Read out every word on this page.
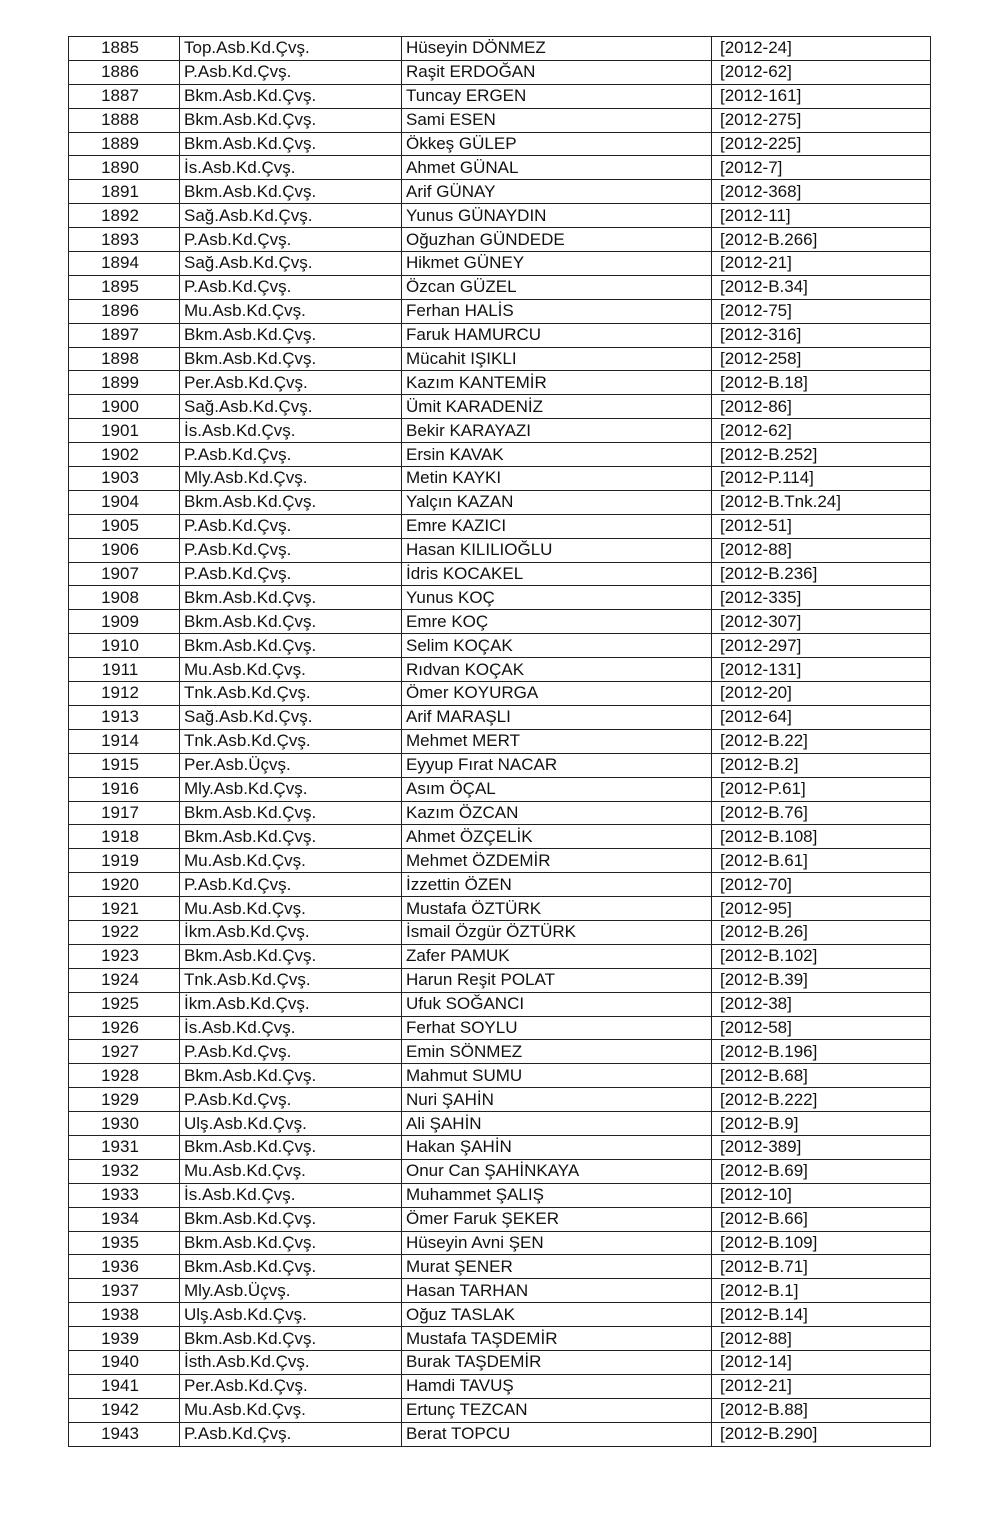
1885	Top.Asb.Kd.Çvş.	Hüseyin DÖNMEZ	[2012-24]
1886	P.Asb.Kd.Çvş.	Raşit ERDOĞAN	[2012-62]
1887	Bkm.Asb.Kd.Çvş.	Tuncay ERGEN	[2012-161]
1888	Bkm.Asb.Kd.Çvş.	Sami ESEN	[2012-275]
1889	Bkm.Asb.Kd.Çvş.	Ökkeş GÜLEP	[2012-225]
1890	İs.Asb.Kd.Çvş.	Ahmet GÜNAL	[2012-7]
1891	Bkm.Asb.Kd.Çvş.	Arif GÜNAY	[2012-368]
1892	Sağ.Asb.Kd.Çvş.	Yunus GÜNAYDIN	[2012-11]
1893	P.Asb.Kd.Çvş.	Oğuzhan GÜNDEDE	[2012-B.266]
1894	Sağ.Asb.Kd.Çvş.	Hikmet GÜNEY	[2012-21]
1895	P.Asb.Kd.Çvş.	Özcan GÜZEL	[2012-B.34]
1896	Mu.Asb.Kd.Çvş.	Ferhan HALİS	[2012-75]
1897	Bkm.Asb.Kd.Çvş.	Faruk HAMURCU	[2012-316]
1898	Bkm.Asb.Kd.Çvş.	Mücahit IŞIKLI	[2012-258]
1899	Per.Asb.Kd.Çvş.	Kazım KANTEMİR	[2012-B.18]
1900	Sağ.Asb.Kd.Çvş.	Ümit KARADENİZ	[2012-86]
1901	İs.Asb.Kd.Çvş.	Bekir KARAYAZI	[2012-62]
1902	P.Asb.Kd.Çvş.	Ersin KAVAK	[2012-B.252]
1903	Mly.Asb.Kd.Çvş.	Metin KAYKI	[2012-P.114]
1904	Bkm.Asb.Kd.Çvş.	Yalçın KAZAN	[2012-B.Tnk.24]
1905	P.Asb.Kd.Çvş.	Emre KAZICI	[2012-51]
1906	P.Asb.Kd.Çvş.	Hasan KILILIOĞLU	[2012-88]
1907	P.Asb.Kd.Çvş.	İdris KOCAKEL	[2012-B.236]
1908	Bkm.Asb.Kd.Çvş.	Yunus KOÇ	[2012-335]
1909	Bkm.Asb.Kd.Çvş.	Emre KOÇ	[2012-307]
1910	Bkm.Asb.Kd.Çvş.	Selim KOÇAK	[2012-297]
1911	Mu.Asb.Kd.Çvş.	Rıdvan KOÇAK	[2012-131]
1912	Tnk.Asb.Kd.Çvş.	Ömer KOYURGA	[2012-20]
1913	Sağ.Asb.Kd.Çvş.	Arif MARAŞLI	[2012-64]
1914	Tnk.Asb.Kd.Çvş.	Mehmet MERT	[2012-B.22]
1915	Per.Asb.Üçvş.	Eyyup Fırat NACAR	[2012-B.2]
1916	Mly.Asb.Kd.Çvş.	Asım ÖÇAL	[2012-P.61]
1917	Bkm.Asb.Kd.Çvş.	Kazım ÖZCAN	[2012-B.76]
1918	Bkm.Asb.Kd.Çvş.	Ahmet ÖZÇELİK	[2012-B.108]
1919	Mu.Asb.Kd.Çvş.	Mehmet ÖZDEMİR	[2012-B.61]
1920	P.Asb.Kd.Çvş.	İzzettin ÖZEN	[2012-70]
1921	Mu.Asb.Kd.Çvş.	Mustafa ÖZTÜRK	[2012-95]
1922	İkm.Asb.Kd.Çvş.	İsmail Özgür ÖZTÜRK	[2012-B.26]
1923	Bkm.Asb.Kd.Çvş.	Zafer PAMUK	[2012-B.102]
1924	Tnk.Asb.Kd.Çvş.	Harun Reşit POLAT	[2012-B.39]
1925	İkm.Asb.Kd.Çvş.	Ufuk SOĞANCI	[2012-38]
1926	İs.Asb.Kd.Çvş.	Ferhat SOYLU	[2012-58]
1927	P.Asb.Kd.Çvş.	Emin SÖNMEZ	[2012-B.196]
1928	Bkm.Asb.Kd.Çvş.	Mahmut SUMU	[2012-B.68]
1929	P.Asb.Kd.Çvş.	Nuri ŞAHİN	[2012-B.222]
1930	Ulş.Asb.Kd.Çvş.	Ali ŞAHİN	[2012-B.9]
1931	Bkm.Asb.Kd.Çvş.	Hakan ŞAHİN	[2012-389]
1932	Mu.Asb.Kd.Çvş.	Onur Can ŞAHİNKAYA	[2012-B.69]
1933	İs.Asb.Kd.Çvş.	Muhammet ŞALIŞ	[2012-10]
1934	Bkm.Asb.Kd.Çvş.	Ömer Faruk ŞEKER	[2012-B.66]
1935	Bkm.Asb.Kd.Çvş.	Hüseyin Avni ŞEN	[2012-B.109]
1936	Bkm.Asb.Kd.Çvş.	Murat ŞENER	[2012-B.71]
1937	Mly.Asb.Üçvş.	Hasan TARHAN	[2012-B.1]
1938	Ulş.Asb.Kd.Çvş.	Oğuz TASLAK	[2012-B.14]
1939	Bkm.Asb.Kd.Çvş.	Mustafa TAŞDEMİR	[2012-88]
1940	İsth.Asb.Kd.Çvş.	Burak TAŞDEMİR	[2012-14]
1941	Per.Asb.Kd.Çvş.	Hamdi TAVUŞ	[2012-21]
1942	Mu.Asb.Kd.Çvş.	Ertunç TEZCAN	[2012-B.88]
1943	P.Asb.Kd.Çvş.	Berat TOPCU	[2012-B.290]
